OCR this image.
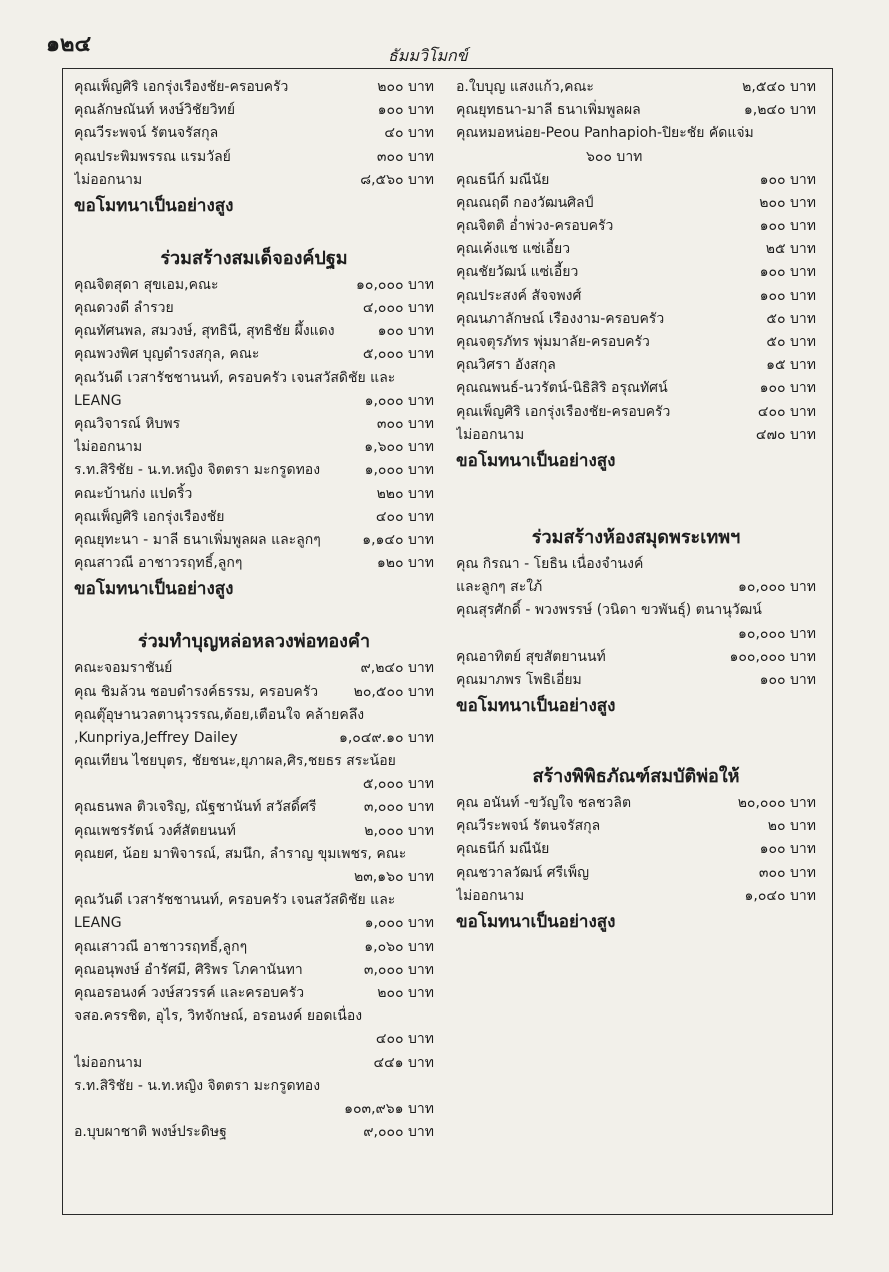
๑๒๔	ธัมมวิโมกข์
คุณเพ็ญศิริ เอกรุ่งเรืองชัย-ครอบครัว	๒๐๐ บาท
คุณลักษณันท์ หงษ์วิชัยวิทย์	๑๐๐ บาท
คุณวีระพจน์ รัตนจรัสกุล	๔๐ บาท
คุณประพิมพรรณ แรมวัลย์	๓๐๐ บาท
ไม่ออกนาม	๘,๕๖๐ บาท
ขอโมทนาเป็นอย่างสูง
ร่วมสร้างสมเด็จองค์ปฐม
คุณจิตสุดา สุขเอม,คณะ	๑๐,๐๐๐ บาท
คุณดวงดี ลำรวย	๔,๐๐๐ บาท
คุณทัศนพล, สมวงษ์, สุทธินี, สุทธิชัย ผึ้งแดง	๑๐๐ บาท
คุณพวงพิศ บุญดำรงสกุล, คณะ	๕,๐๐๐ บาท
คุณวันดี เวสารัชชานนท์, ครอบครัว เจนสวัสดิชัย และ
LEANG	๑,๐๐๐ บาท
คุณวิจารณ์ หิบพร	๓๐๐ บาท
ไม่ออกนาม	๑,๖๐๐ บาท
ร.ท.สิริชัย - น.ท.หญิง จิตตรา มะกรูดทอง	๑,๐๐๐ บาท
คณะบ้านก่ง แปดริ้ว	๒๒๐ บาท
คุณเพ็ญศิริ เอกรุ่งเรืองชัย	๔๐๐ บาท
คุณยุทะนา - มาลี ธนาเพิ่มพูลผล และลูกๆ	๑,๑๔๐ บาท
คุณสาวณี อาชาวรฤทธิ์,ลูกๆ	๑๒๐ บาท
ขอโมทนาเป็นอย่างสูง
ร่วมทำบุญหล่อหลวงพ่อทองคำ
คณะจอมราชันย์	๙,๒๔๐ บาท
คุณ ชิมล้วน ชอบดำรงค์ธรรม, ครอบครัว	๒๐,๕๐๐ บาท
คุณตุ๊อุษานวลตานุวรรณ,ต้อย,เตือนใจ คล้ายคลึง
,Kunpriya,Jeffrey Dailey	๑,๐๔๙.๑๐ บาท
คุณเทียน ไชยบุตร, ชัยชนะ,ยุภาผล,ศิร,ชยธร สระน้อย
๕,๐๐๐ บาท
คุณธนพล ติวเจริญ, ณัฐชานันท์ สวัสดิ์ศรี	๓,๐๐๐ บาท
คุณเพชรรัตน์ วงศ์สัตยนนท์	๒,๐๐๐ บาท
คุณยศ, น้อย มาพิจารณ์, สมนึก, ลำราญ ขุมเพชร, คณะ
๒๓,๑๖๐ บาท
คุณวันดี เวสารัชชานนท์, ครอบครัว เจนสวัสดิชัย และ
LEANG	๑,๐๐๐ บาท
คุณเสาวณี อาชาวรฤทธิ์,ลูกๆ	๑,๐๖๐ บาท
คุณอนุพงษ์ อำรัศมี, ศิริพร โภคานันทา	๓,๐๐๐ บาท
คุณอรอนงค์ วงษ์สวรรค์ และครอบครัว	๒๐๐ บาท
จสอ.ครรชิต, อุไร, วิทจักษณ์, อรอนงค์ ยอดเนื่อง
๔๐๐ บาท
ไม่ออกนาม	๔๔๑ บาท
ร.ท.สิริชัย - น.ท.หญิง จิตตรา มะกรูดทอง
๑๐๓,๙๖๑ บาท
อ.บุบผาชาติ พงษ์ประดิษฐ	๙,๐๐๐ บาท
อ.ใบบุญ แสงแก้ว,คณะ	๒,๕๔๐ บาท
คุณยุทธนา-มาลี ธนาเพิ่มพูลผล	๑,๒๔๐ บาท
คุณหมอหน่อย-Peou Panhapioh-ปิยะชัย คัดแจ่ม
๖๐๐ บาท
คุณธนีก์ มณีนัย	๑๐๐ บาท
คุณณฤดี กองวัฒนศิลป์	๒๐๐ บาท
คุณจิตติ อ่ำพ่วง-ครอบครัว	๑๐๐ บาท
คุณเค้งแช แซ่เอี้ยว	๒๕ บาท
คุณชัยวัฒน์ แซ่เอี้ยว	๑๐๐ บาท
คุณประสงค์ สัจจพงศ์	๑๐๐ บาท
คุณนภาลักษณ์ เรืองงาม-ครอบครัว	๕๐ บาท
คุณจตุรภัทร พุ่มมาลัย-ครอบครัว	๕๐ บาท
คุณวิศรา อังสกุล	๑๕ บาท
คุณณพนธ์-นวรัตน์-นิธิสิริ อรุณทัศน์	๑๐๐ บาท
คุณเพ็ญศิริ เอกรุ่งเรืองชัย-ครอบครัว	๔๐๐ บาท
ไม่ออกนาม	๔๗๐ บาท
ขอโมทนาเป็นอย่างสูง
ร่วมสร้างห้องสมุดพระเทพฯ
คุณ กิรณา - โยธิน เนื่องจำนงค์
และลูกๆ สะใภ้	๑๐,๐๐๐ บาท
คุณสุรศักดิ์ - พวงพรรษ์ (วนิดา ขวพันธุ์) ตนานุวัฒน์
๑๐,๐๐๐ บาท
คุณอาทิตย์ สุขสัตยานนท์	๑๐๐,๐๐๐ บาท
คุณมาภพร โพธิเอี่ยม	๑๐๐ บาท
ขอโมทนาเป็นอย่างสูง
สร้างพิพิธภัณฑ์สมบัติพ่อให้
คุณ อนันท์ -ขวัญใจ ชลชวลิต	๒๐,๐๐๐ บาท
คุณวีระพจน์ รัตนจรัสกุล	๒๐ บาท
คุณธนีก์ มณีนัย	๑๐๐ บาท
คุณชวาลวัฒน์ ศรีเพ็ญ	๓๐๐ บาท
ไม่ออกนาม	๑,๐๔๐ บาท
ขอโมทนาเป็นอย่างสูง
